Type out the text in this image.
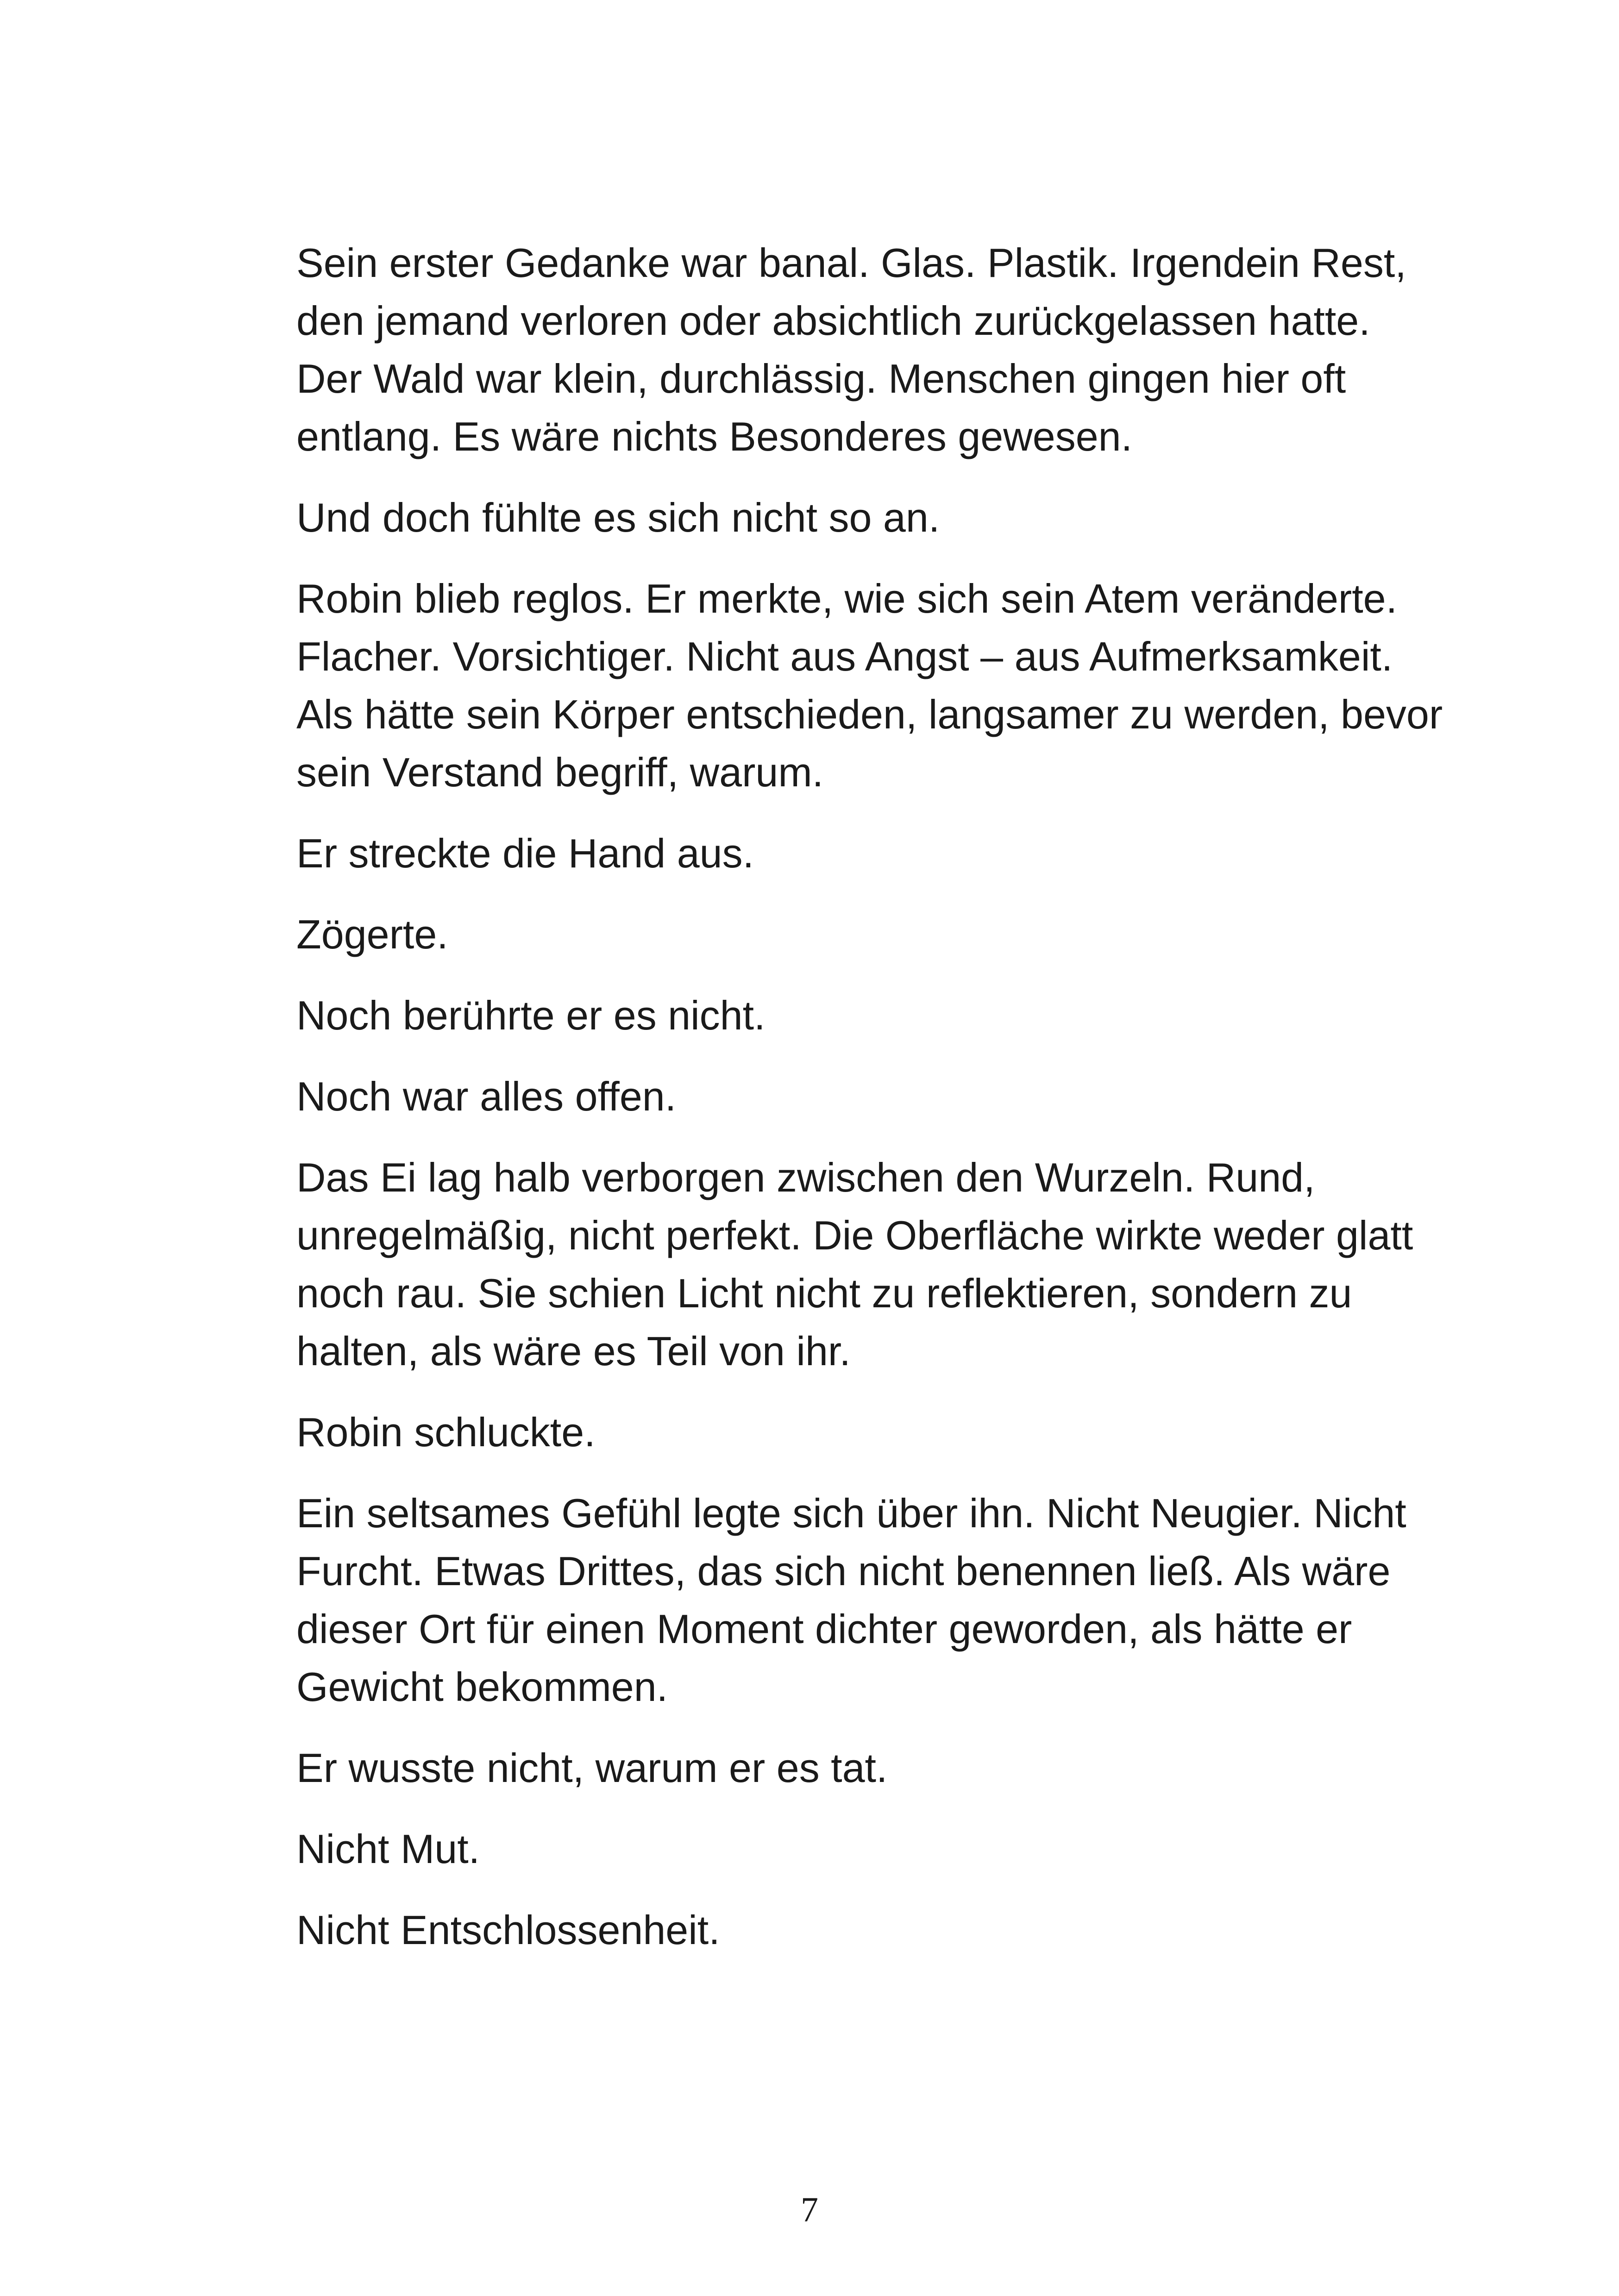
Sein erster Gedanke war banal. Glas. Plastik. Irgendein Rest,
den jemand verloren oder absichtlich zurückgelassen hatte.
Der Wald war klein, durchlässig. Menschen gingen hier oft
entlang. Es wäre nichts Besonderes gewesen.

Und doch fühlte es sich nicht so an.

Robin blieb reglos. Er merkte, wie sich sein Atem veränderte.
Flacher. Vorsichtiger. Nicht aus Angst – aus Aufmerksamkeit.
Als hätte sein Körper entschieden, langsamer zu werden, bevor
sein Verstand begriff, warum.

Er streckte die Hand aus.

Zögerte.

Noch berührte er es nicht.

Noch war alles offen.

Das Ei lag halb verborgen zwischen den Wurzeln. Rund,
unregelmäßig, nicht perfekt. Die Oberfläche wirkte weder glatt
noch rau. Sie schien Licht nicht zu reflektieren, sondern zu
halten, als wäre es Teil von ihr.

Robin schluckte.

Ein seltsames Gefühl legte sich über ihn. Nicht Neugier. Nicht
Furcht. Etwas Drittes, das sich nicht benennen ließ. Als wäre
dieser Ort für einen Moment dichter geworden, als hätte er
Gewicht bekommen.

Er wusste nicht, warum er es tat.

Nicht Mut.

Nicht Entschlossenheit.

7
